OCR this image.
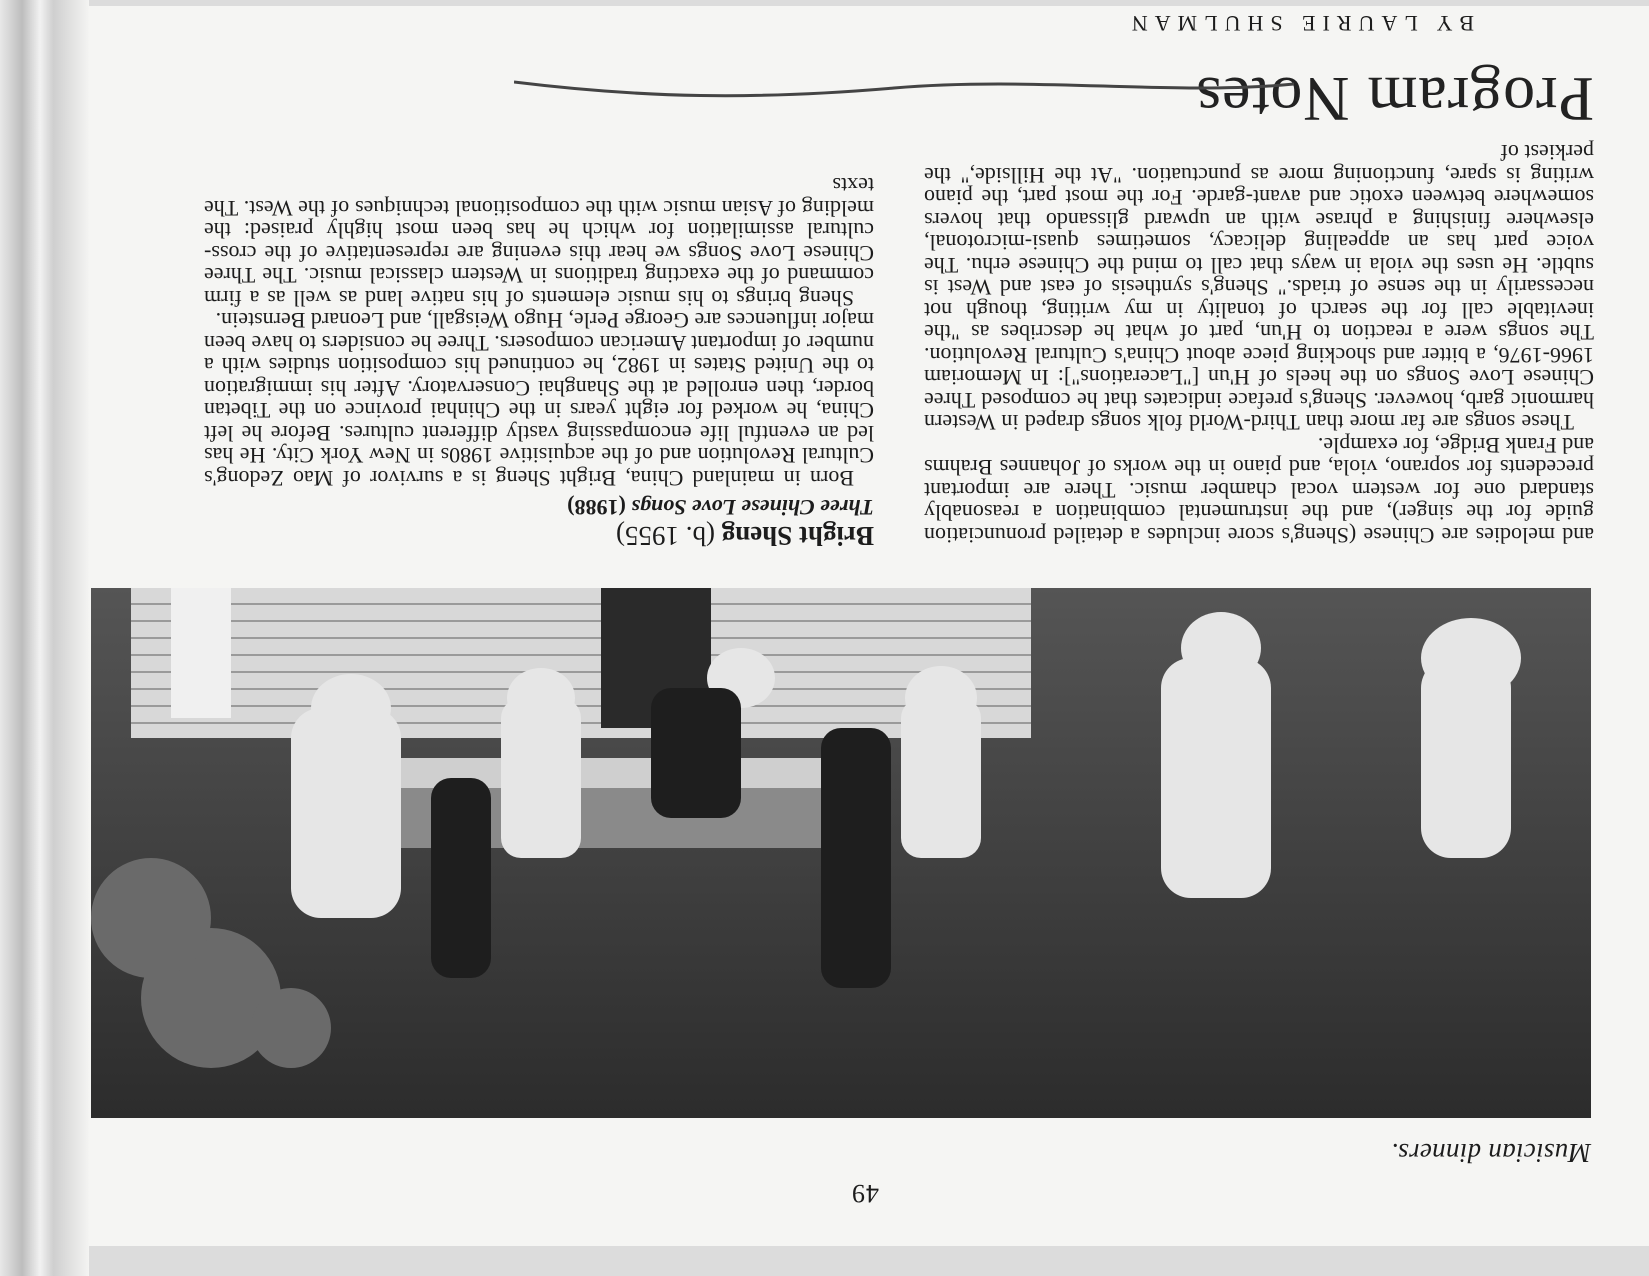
Musician dinners.
49
Bright Sheng (b. 1955)
Three Chinese Love Songs (1988)

Born in mainland China, Bright Sheng is a survivor of Mao Zedong's Cultural Revolution and of the acquisitive 1980s in New York City. He has led an eventful life encompassing vastly different cultures. Before he left China, he worked for eight years in the Chinhai province on the Tibetan border, then enrolled at the Shanghai Conservatory. After his immigration to the United States in 1982, he continued his composition studies with a number of important American composers. Three he considers to have been major influences are George Perle, Hugo Weisgall, and Leonard Bernstein.

Sheng brings to his music elements of his native land as well as a firm command of the exacting traditions in Western classical music. The Three Chinese Love Songs we hear this evening are representative of the cross-cultural assimilation for which he has been most highly praised: the melding of Asian music with the compositional techniques of the West. The texts

and melodies are Chinese (Sheng's score includes a detailed pronunciation guide for the singer), and the instrumental combination a reasonably standard one for western vocal chamber music. There are important precedents for soprano, viola, and piano in the works of Johannes Brahms and Frank Bridge, for example.

These songs are far more than Third-World folk songs draped in Western harmonic garb, however. Sheng's preface indicates that he composed Three Chinese Love Songs on the heels of H'un ["Lacerations"]: In Memoriam 1966-1976, a bitter and shocking piece about China's Cultural Revolution. The songs were a reaction to H'un, part of what he describes as "the inevitable call for the search of tonality in my writing, though not necessarily in the sense of triads." Sheng's synthesis of east and West is subtle. He uses the viola in ways that call to mind the Chinese erhu. The voice part has an appealing delicacy, sometimes quasi-microtonal, elsewhere finishing a phrase with an upward glissando that hovers somewhere between exotic and avant-garde. For the most part, the piano writing is spare, functioning more as punctuation. "At the Hillside," the perkiest of

Program Notes
BY LAURIE SHULMAN
